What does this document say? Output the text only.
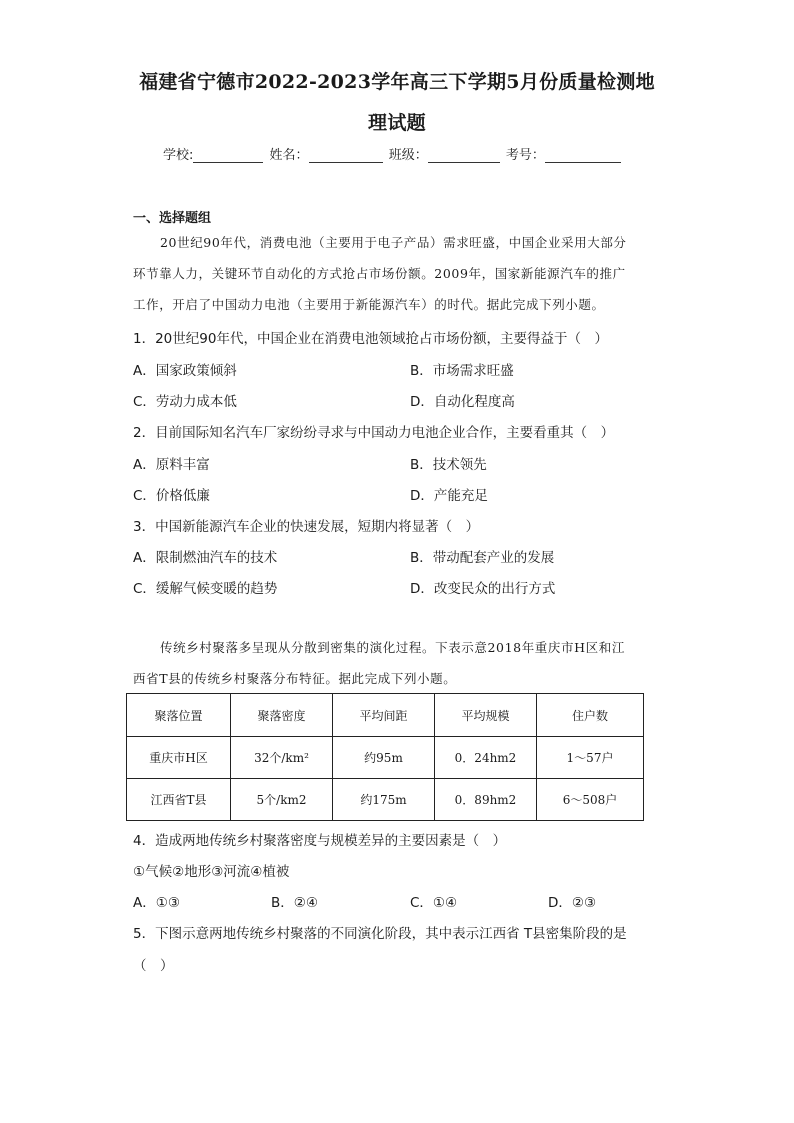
福建省宁德市2022-2023学年高三下学期5月份质量检测地
理试题
学校:	姓名：	班级：	考号：
一、选择题组
20世纪90年代，消费电池（主要用于电子产品）需求旺盛，中国企业采用大部分
环节靠人力，关键环节自动化的方式抢占市场份额。2009年，国家新能源汽车的推广
工作，开启了中国动力电池（主要用于新能源汽车）的时代。据此完成下列小题。
1．20世纪90年代，中国企业在消费电池领域抢占市场份额，主要得益于（　）
A．国家政策倾斜	B．市场需求旺盛
C．劳动力成本低	D．自动化程度高
2．目前国际知名汽车厂家纷纷寻求与中国动力电池企业合作，主要看重其（　）
A．原料丰富	B．技术领先
C．价格低廉	D．产能充足
3．中国新能源汽车企业的快速发展，短期内将显著（　）
A．限制燃油汽车的技术	B．带动配套产业的发展
C．缓解气候变暖的趋势	D．改变民众的出行方式
传统乡村聚落多呈现从分散到密集的演化过程。下表示意2018年重庆市H区和江
西省T县的传统乡村聚落分布特征。据此完成下列小题。
聚落位置	聚落密度	平均间距	平均规模	住户数
重庆市H区	32个/km²	约95m	0．24hm2	1～57户
江西省T县	5个/km2	约175m	0．89hm2	6～508户
4．造成两地传统乡村聚落密度与规模差异的主要因素是（　）
①气候②地形③河流④植被
A．①③	B．②④	C．①④	D．②③
5．下图示意两地传统乡村聚落的不同演化阶段，其中表示江西省 T县密集阶段的是
（　）
